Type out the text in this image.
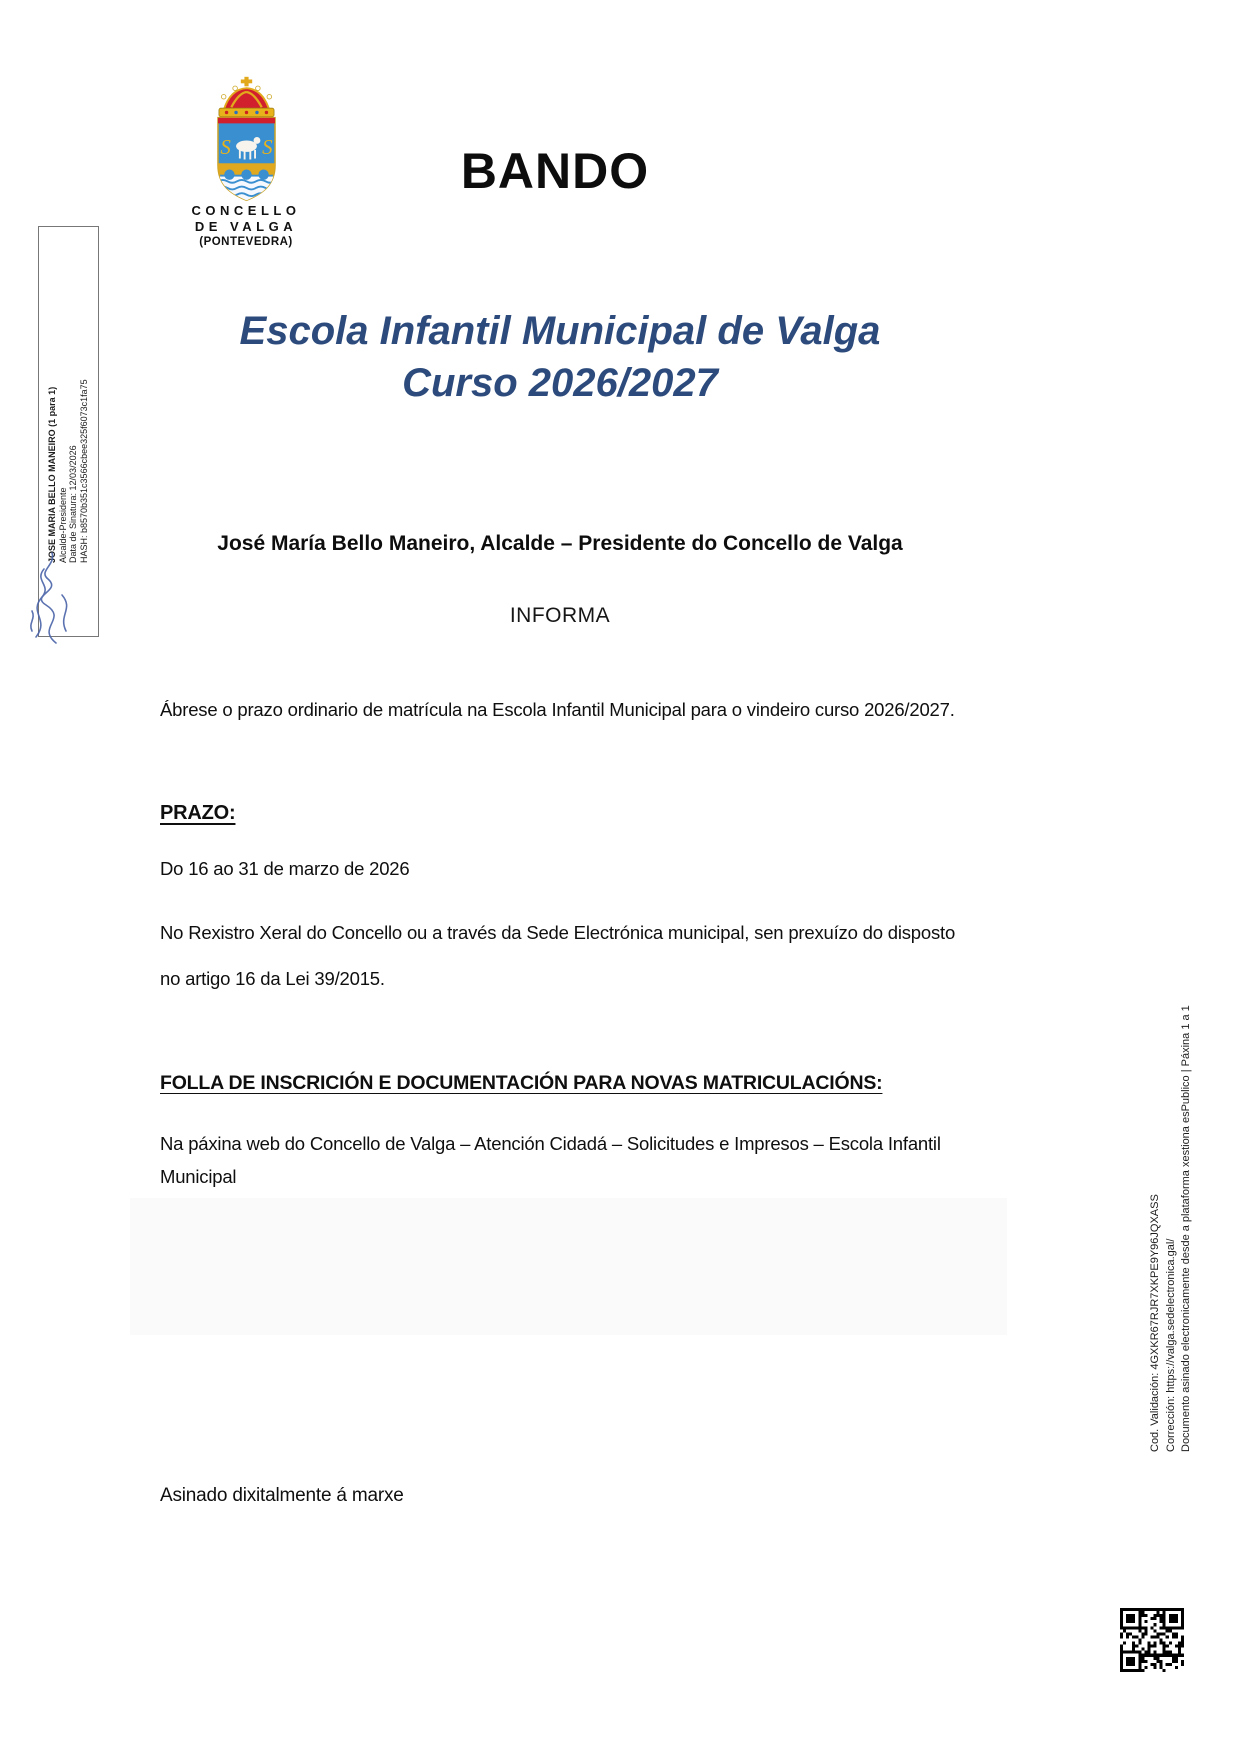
S S
CONCELLO
DE VALGA
(PONTEVEDRA)
BANDO
Escola Infantil Municipal de Valga
Curso 2026/2027
José María Bello Maneiro, Alcalde – Presidente do Concello de Valga
INFORMA

Ábrese o prazo ordinario de matrícula na Escola Infantil Municipal para o vindeiro curso 2026/2027.

PRAZO:

Do 16 ao 31 de marzo de 2026

No Rexistro Xeral do Concello ou a través da Sede Electrónica municipal, sen prexuízo do disposto no artigo 16 da Lei 39/2015.

FOLLA DE INSCRICIÓN E DOCUMENTACIÓN PARA NOVAS MATRICULACIÓNS:

Na páxina web do Concello de Valga – Atención Cidadá – Solicitudes e Impresos – Escola Infantil Municipal

Asinado dixitalmente á marxe

JOSE MARIA BELLO MANEIRO (1 para 1) Alcalde-Presidente Data de Sinatura: 12/03/2026 HASH: b8570b351c3566cbee325f6073c1fa75
Cod. Validación: 4GXKR67RJR7XKPE9Y96JQXASS Corrección: https://valga.sedelectronica.gal/ Documento asinado electronicamente desde a plataforma xestiona esPublico | Páxina 1 a 1
